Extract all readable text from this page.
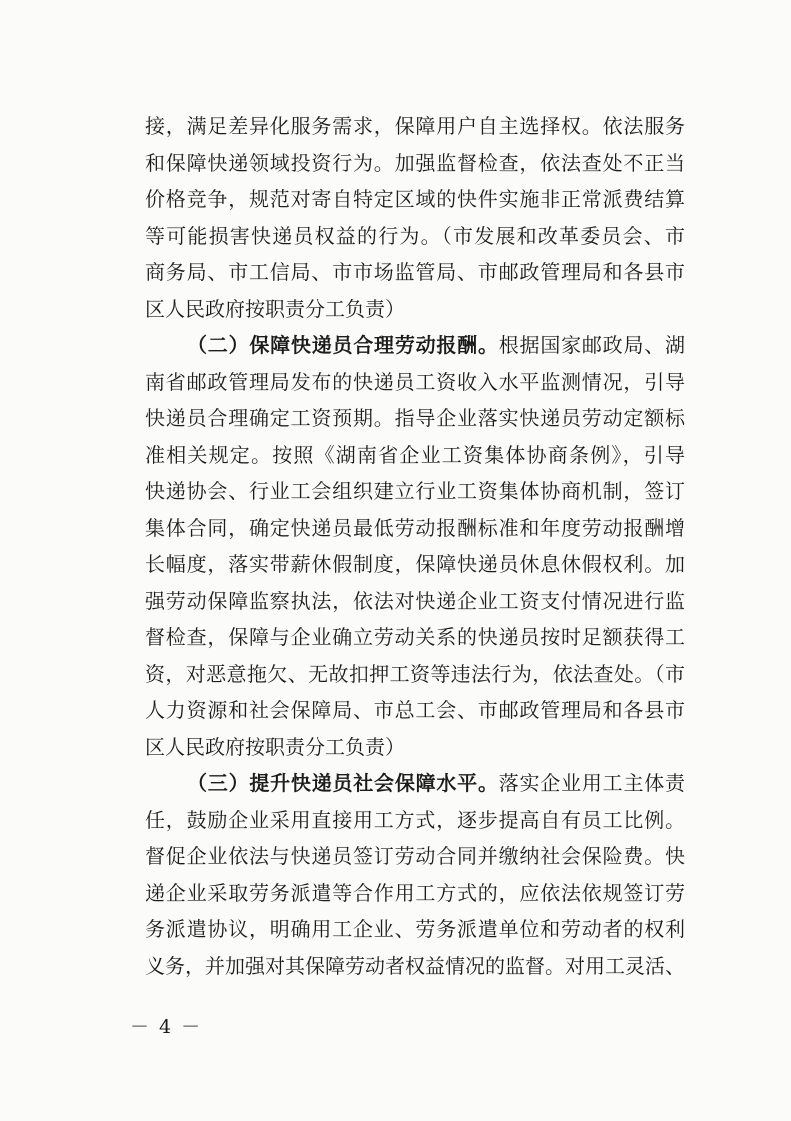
接，满足差异化服务需求，保障用户自主选择权。依法服务
和保障快递领域投资行为。加强监督检查，依法查处不正当
价格竞争，规范对寄自特定区域的快件实施非正常派费结算
等可能损害快递员权益的行为。（市发展和改革委员会、市
商务局、市工信局、市市场监管局、市邮政管理局和各县市
区人民政府按职责分工负责）
（二）保障快递员合理劳动报酬。根据国家邮政局、湖
南省邮政管理局发布的快递员工资收入水平监测情况，引导
快递员合理确定工资预期。指导企业落实快递员劳动定额标
准相关规定。按照《湖南省企业工资集体协商条例》，引导
快递协会、行业工会组织建立行业工资集体协商机制，签订
集体合同，确定快递员最低劳动报酬标准和年度劳动报酬增
长幅度，落实带薪休假制度，保障快递员休息休假权利。加
强劳动保障监察执法，依法对快递企业工资支付情况进行监
督检查，保障与企业确立劳动关系的快递员按时足额获得工
资，对恶意拖欠、无故扣押工资等违法行为，依法查处。（市
人力资源和社会保障局、市总工会、市邮政管理局和各县市
区人民政府按职责分工负责）
（三）提升快递员社会保障水平。落实企业用工主体责
任，鼓励企业采用直接用工方式，逐步提高自有员工比例。
督促企业依法与快递员签订劳动合同并缴纳社会保险费。快
递企业采取劳务派遣等合作用工方式的，应依法依规签订劳
务派遣协议，明确用工企业、劳务派遣单位和劳动者的权利
义务，并加强对其保障劳动者权益情况的监督。对用工灵活、
－ 4 －
